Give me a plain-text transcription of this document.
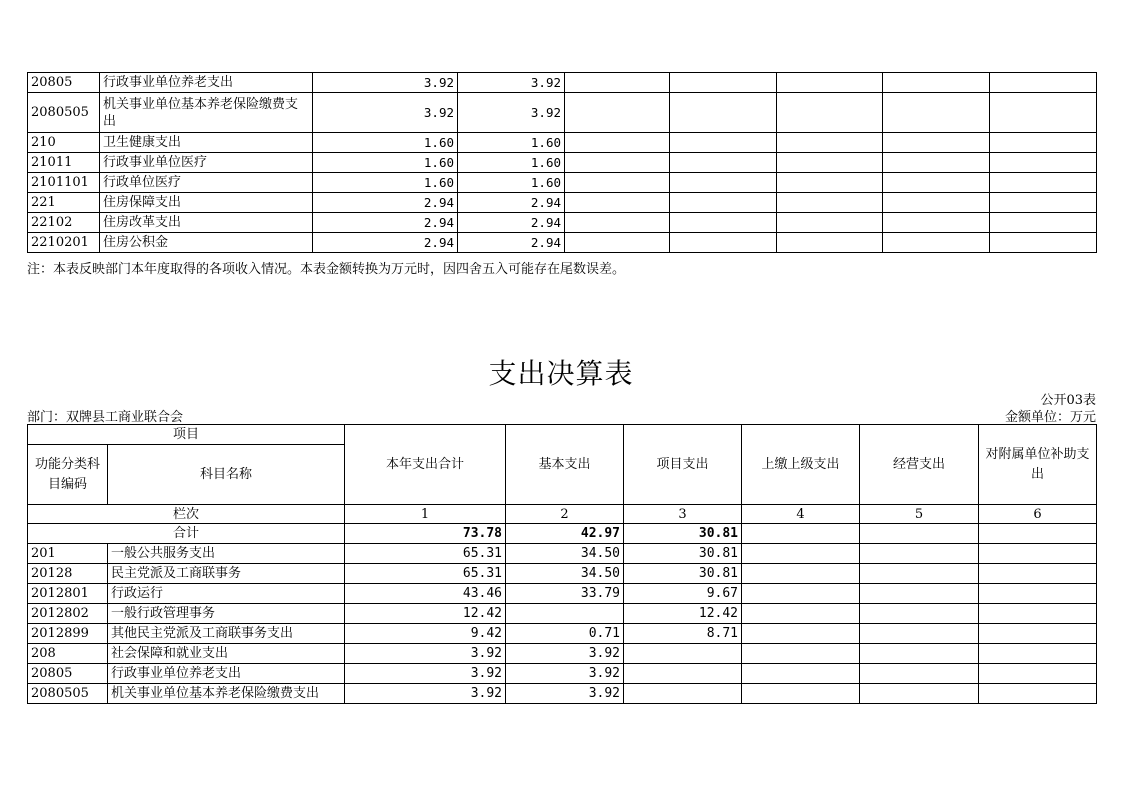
20805	行政事业单位养老支出	3.92	3.92					
2080505	机关事业单位基本养老保险缴费支出	3.92	3.92					
210	卫生健康支出	1.60	1.60					
21011	行政事业单位医疗	1.60	1.60					
2101101	行政单位医疗	1.60	1.60					
221	住房保障支出	2.94	2.94					
22102	住房改革支出	2.94	2.94					
2210201	住房公积金	2.94	2.94					
注：本表反映部门本年度取得的各项收入情况。本表金额转换为万元时，因四舍五入可能存在尾数误差。
支出决算表
公开03表
部门：双牌县工商业联合会	金额单位：万元
项目		本年支出合计	基本支出	项目支出	上缴上级支出	经营支出	对附属单位补助支出
功能分类科目编码	科目名称						
栏次		1	2	3	4	5	6
合计		73.78	42.97	30.81			
201	一般公共服务支出	65.31	34.50	30.81			
20128	民主党派及工商联事务	65.31	34.50	30.81			
2012801	行政运行	43.46	33.79	9.67			
2012802	一般行政管理事务	12.42		12.42			
2012899	其他民主党派及工商联事务支出	9.42	0.71	8.71			
208	社会保障和就业支出	3.92	3.92				
20805	行政事业单位养老支出	3.92	3.92				
2080505	机关事业单位基本养老保险缴费支出	3.92	3.92				
